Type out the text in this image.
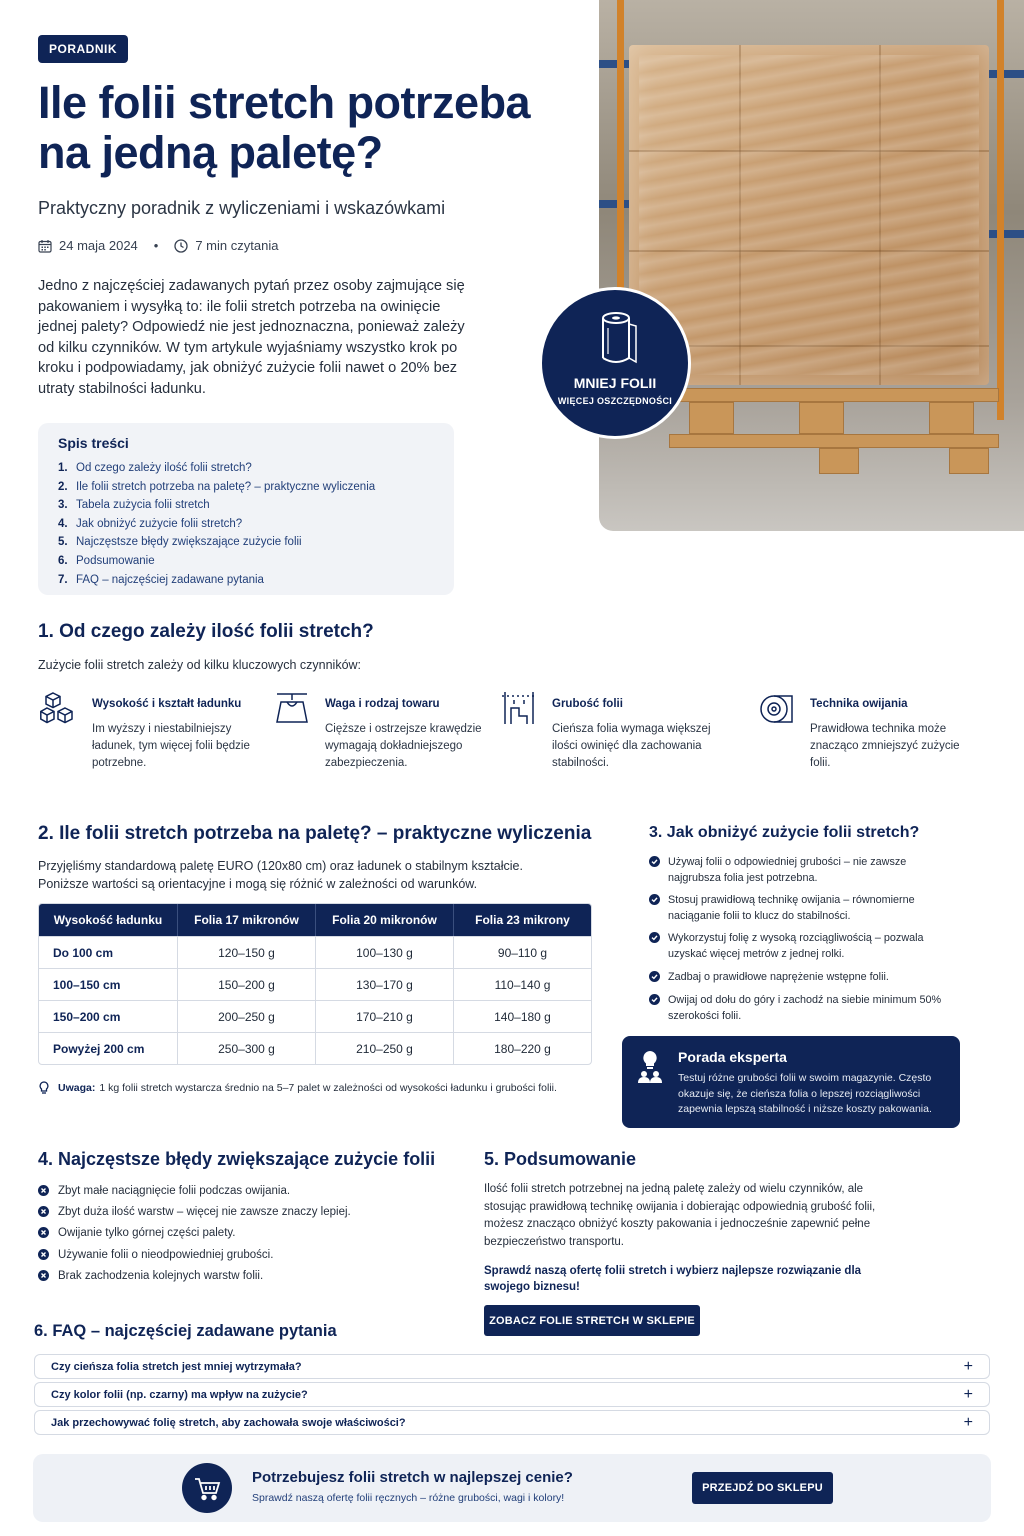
PORADNIK
Ile folii stretch potrzeba
na jedną paletę?
Praktyczny poradnik z wyliczeniami i wskazówkami
24 maja 2024 •	7 min czytania

Jedno z najczęściej zadawanych pytań przez osoby zajmujące się pakowaniem i wysyłką to: ile folii stretch potrzeba na owinięcie jednej palety? Odpowiedź nie jest jednoznaczna, ponieważ zależy od kilku czynników. W tym artykule wyjaśniamy wszystko krok po kroku i podpowiadamy, jak obniżyć zużycie folii nawet o 20% bez utraty stabilności ładunku.	MNIEJ FOLII
WIĘCEJ OSZCZĘDNOŚCI
Spis treści
1. Od czego zależy ilość folii stretch?
2. Ile folii stretch potrzeba na paletę? – praktyczne wyliczenia
3. Tabela zużycia folii stretch
4. Jak obniżyć zużycie folii stretch?
5. Najczęstsze błędy zwiększające zużycie folii
6. Podsumowanie
7. FAQ – najczęściej zadawane pytania
1. Od czego zależy ilość folii stretch?

Zużycie folii stretch zależy od kilku kluczowych czynników:

Wysokość i kształt ładunku
Im wyższy i niestabilniejszy ładunek, tym więcej folii będzie potrzebne.
Waga i rodzaj towaru
Cięższe i ostrzejsze krawędzie wymagają dokładniejszego zabezpieczenia.
Grubość folii
Cieńsza folia wymaga większej ilości owinięć dla zachowania stabilności.
Technika owijania
Prawidłowa technika może znacząco zmniejszyć zużycie folii.
2. Ile folii stretch potrzeba na paletę? – praktyczne wyliczenia

Przyjęliśmy standardową paletę EURO (120x80 cm) oraz ładunek o stabilnym kształcie.

Poniższe wartości są orientacyjne i mogą się różnić w zależności od warunków.

Wysokość ładunku	Folia 17 mikronów	Folia 20 mikronów	Folia 23 mikrony
Do 100 cm	120–150 g	100–130 g	90–110 g
100–150 cm	150–200 g	130–170 g	110–140 g
150–200 cm	200–250 g	170–210 g	140–180 g
Powyżej 200 cm	250–300 g	210–250 g	180–220 g
Uwaga: 1 kg folii stretch wystarcza średnio na 5–7 palet w zależności od wysokości ładunku i grubości folii.
3. Jak obniżyć zużycie folii stretch?
Używaj folii o odpowiedniej grubości – nie zawsze najgrubsza folia jest potrzebna.
Stosuj prawidłową technikę owijania – równomierne naciąganie folii to klucz do stabilności.
Wykorzystuj folię z wysoką rozciągliwością – pozwala uzyskać więcej metrów z jednej rolki.
Zadbaj o prawidłowe naprężenie wstępne folii.
Owijaj od dołu do góry i zachodź na siebie minimum 50% szerokości folii.
Porada eksperta
Testuj różne grubości folii w swoim magazynie. Często okazuje się, że cieńsza folia o lepszej rozciągliwości zapewnia lepszą stabilność i niższe koszty pakowania.
4. Najczęstsze błędy zwiększające zużycie folii
Zbyt małe naciągnięcie folii podczas owijania.
Zbyt duża ilość warstw – więcej nie zawsze znaczy lepiej.
Owijanie tylko górnej części palety.
Używanie folii o nieodpowiedniej grubości.
Brak zachodzenia kolejnych warstw folii.
5. Podsumowanie

Ilość folii stretch potrzebnej na jedną paletę zależy od wielu czynników, ale stosując prawidłową technikę owijania i dobierając odpowiednią grubość folii, możesz znacząco obniżyć koszty pakowania i jednocześnie zapewnić pełne bezpieczeństwo transportu.

Sprawdź naszą ofertę folii stretch i wybierz najlepsze rozwiązanie dla swojego biznesu!

ZOBACZ FOLIE STRETCH W SKLEPIE
6. FAQ – najczęściej zadawane pytania
Czy cieńsza folia stretch jest mniej wytrzymała?	+
Czy kolor folii (np. czarny) ma wpływ na zużycie?	+
Jak przechowywać folię stretch, aby zachowała swoje właściwości?	+
Potrzebujesz folii stretch w najlepszej cenie?
Sprawdź naszą ofertę folii ręcznych – różne grubości, wagi i kolory!
PRZEJDŹ DO SKLEPU
